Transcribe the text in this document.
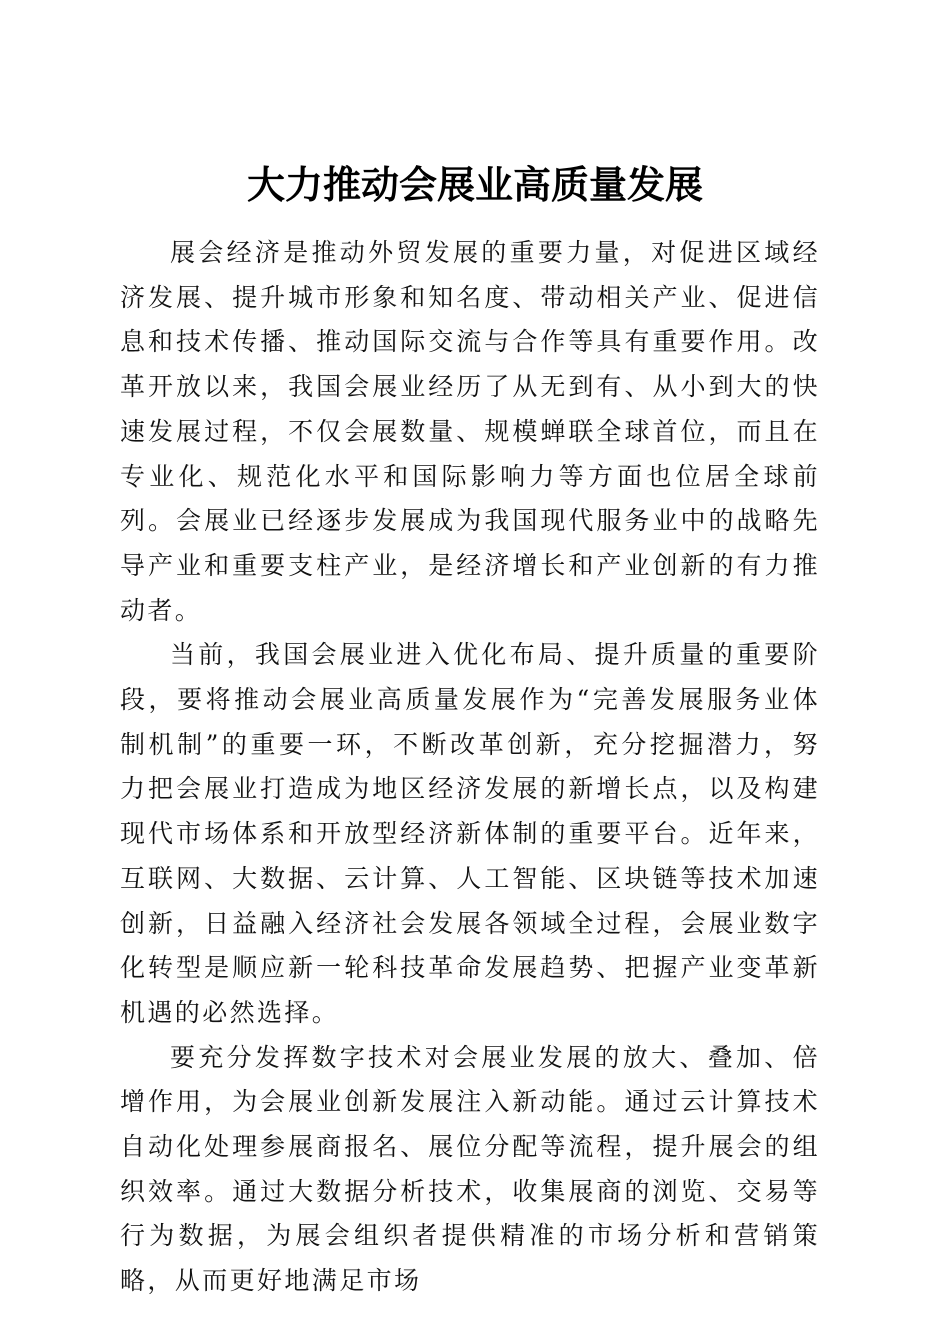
大力推动会展业高质量发展

展会经济是推动外贸发展的重要力量，对促进区域经济发展、提升城市形象和知名度、带动相关产业、促进信息和技术传播、推动国际交流与合作等具有重要作用。改革开放以来，我国会展业经历了从无到有、从小到大的快速发展过程，不仅会展数量、规模蝉联全球首位，而且在专业化、规范化水平和国际影响力等方面也位居全球前列。会展业已经逐步发展成为我国现代服务业中的战略先导产业和重要支柱产业，是经济增长和产业创新的有力推动者。

当前，我国会展业进入优化布局、提升质量的重要阶段，要将推动会展业高质量发展作为“完善发展服务业体制机制”的重要一环，不断改革创新，充分挖掘潜力，努力把会展业打造成为地区经济发展的新增长点，以及构建现代市场体系和开放型经济新体制的重要平台。近年来，互联网、大数据、云计算、人工智能、区块链等技术加速创新，日益融入经济社会发展各领域全过程，会展业数字化转型是顺应新一轮科技革命发展趋势、把握产业变革新机遇的必然选择。

要充分发挥数字技术对会展业发展的放大、叠加、倍增作用，为会展业创新发展注入新动能。通过云计算技术自动化处理参展商报名、展位分配等流程，提升展会的组织效率。通过大数据分析技术，收集展商的浏览、交易等行为数据，为展会组织者提供精准的市场分析和营销策略，从而更好地满足市场
